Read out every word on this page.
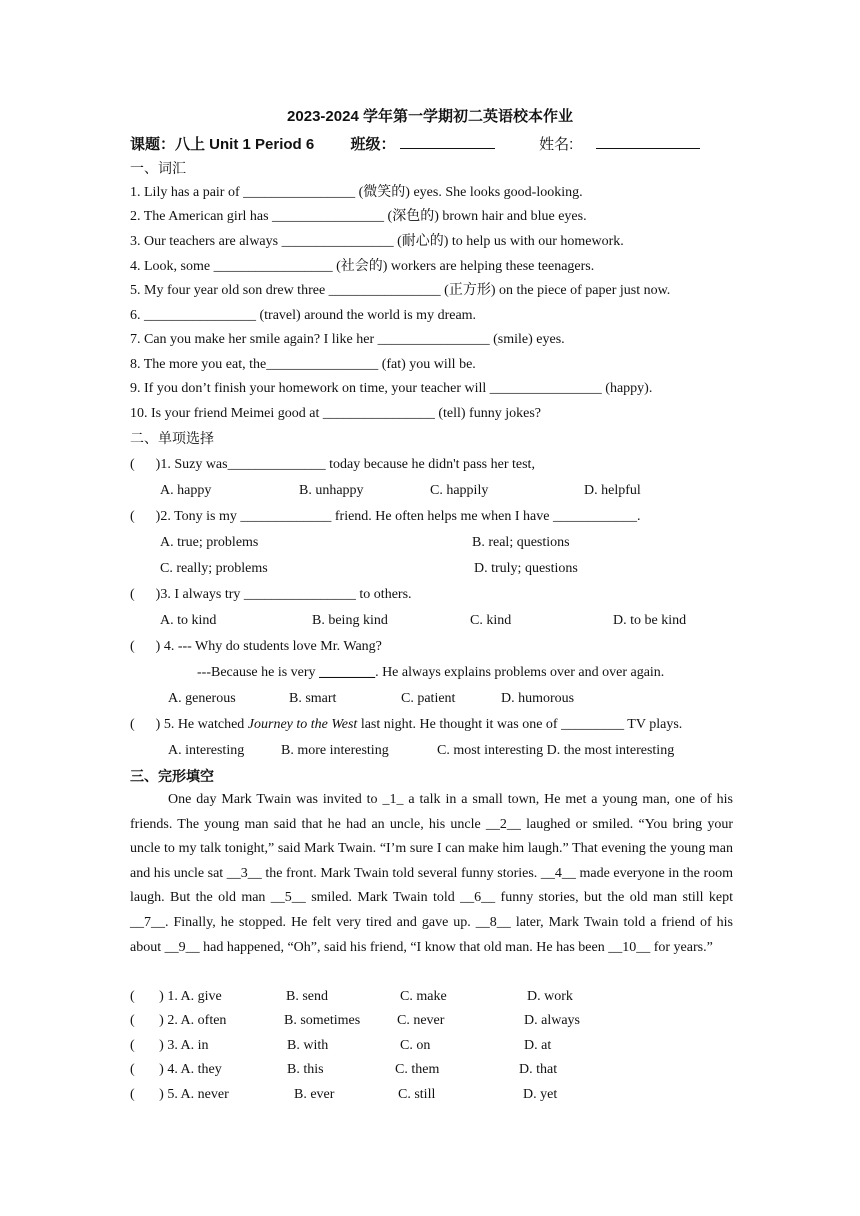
2023-2024 学年第一学期初二英语校本作业
课题：八上 Unit 1 Period 6 班级：	姓名:
一、词汇
1. Lily has a pair of ________________ (微笑的) eyes. She looks good-looking.
2. The American girl has ________________ (深色的) brown hair and blue eyes.
3. Our teachers are always ________________ (耐心的) to help us with our homework.
4. Look, some _________________ (社会的) workers are helping these teenagers.
5. My four year old son drew three ________________ (正方形) on the piece of paper just now.
6. ________________ (travel) around the world is my dream.
7. Can you make her smile again? I like her ________________ (smile) eyes.
8. The more you eat, the________________ (fat) you will be.
9. If you don’t finish your homework on time, your teacher will ________________ (happy).
10. Is your friend Meimei good at ________________ (tell) funny jokes?
二、单项选择
(      )1. Suzy was______________ today because he didn't pass her test,
A. happy	B. unhappy	C. happily	D. helpful
(      )2. Tony is my _____________ friend. He often helps me when I have ____________.
A. true; problems	B. real; questions
C. really; problems	D. truly; questions
(      )3. I always try ________________ to others.
A. to kind	B. being kind	C. kind	D. to be kind
(      ) 4. --- Why do students love Mr. Wang?
---Because he is very ________. He always explains problems over and over again.
A. generous	B. smart	C. patient	D. humorous
(      ) 5. He watched Journey to the West last night. He thought it was one of _________ TV plays.
A. interesting	B. more interesting	C. most interesting D. the most interesting
三、完形填空
One day Mark Twain was invited to _1_ a talk in a small town, He met a young man, one of his friends. The young man said that he had an uncle, his uncle __2__ laughed or smiled. “You bring your uncle to my talk tonight,” said Mark Twain. “I’m sure I can make him laugh.” That evening the young man and his uncle sat __3__ the front. Mark Twain told several funny stories. __4__ made everyone in the room laugh. But the old man __5__ smiled. Mark Twain told __6__ funny stories, but the old man still kept __7__. Finally, he stopped. He felt very tired and gave up. __8__ later, Mark Twain told a friend of his about __9__ had happened, “Oh”, said his friend, “I know that old man. He has been __10__ for years.”
(       ) 1. A. give	B. send	C. make	D. work
(       ) 2. A. often	B. sometimes	C. never	D. always
(       ) 3. A. in	B. with	C. on	D. at
(       ) 4. A. they	B. this	C. them	D. that
(       ) 5. A. never	B. ever	C. still	D. yet
